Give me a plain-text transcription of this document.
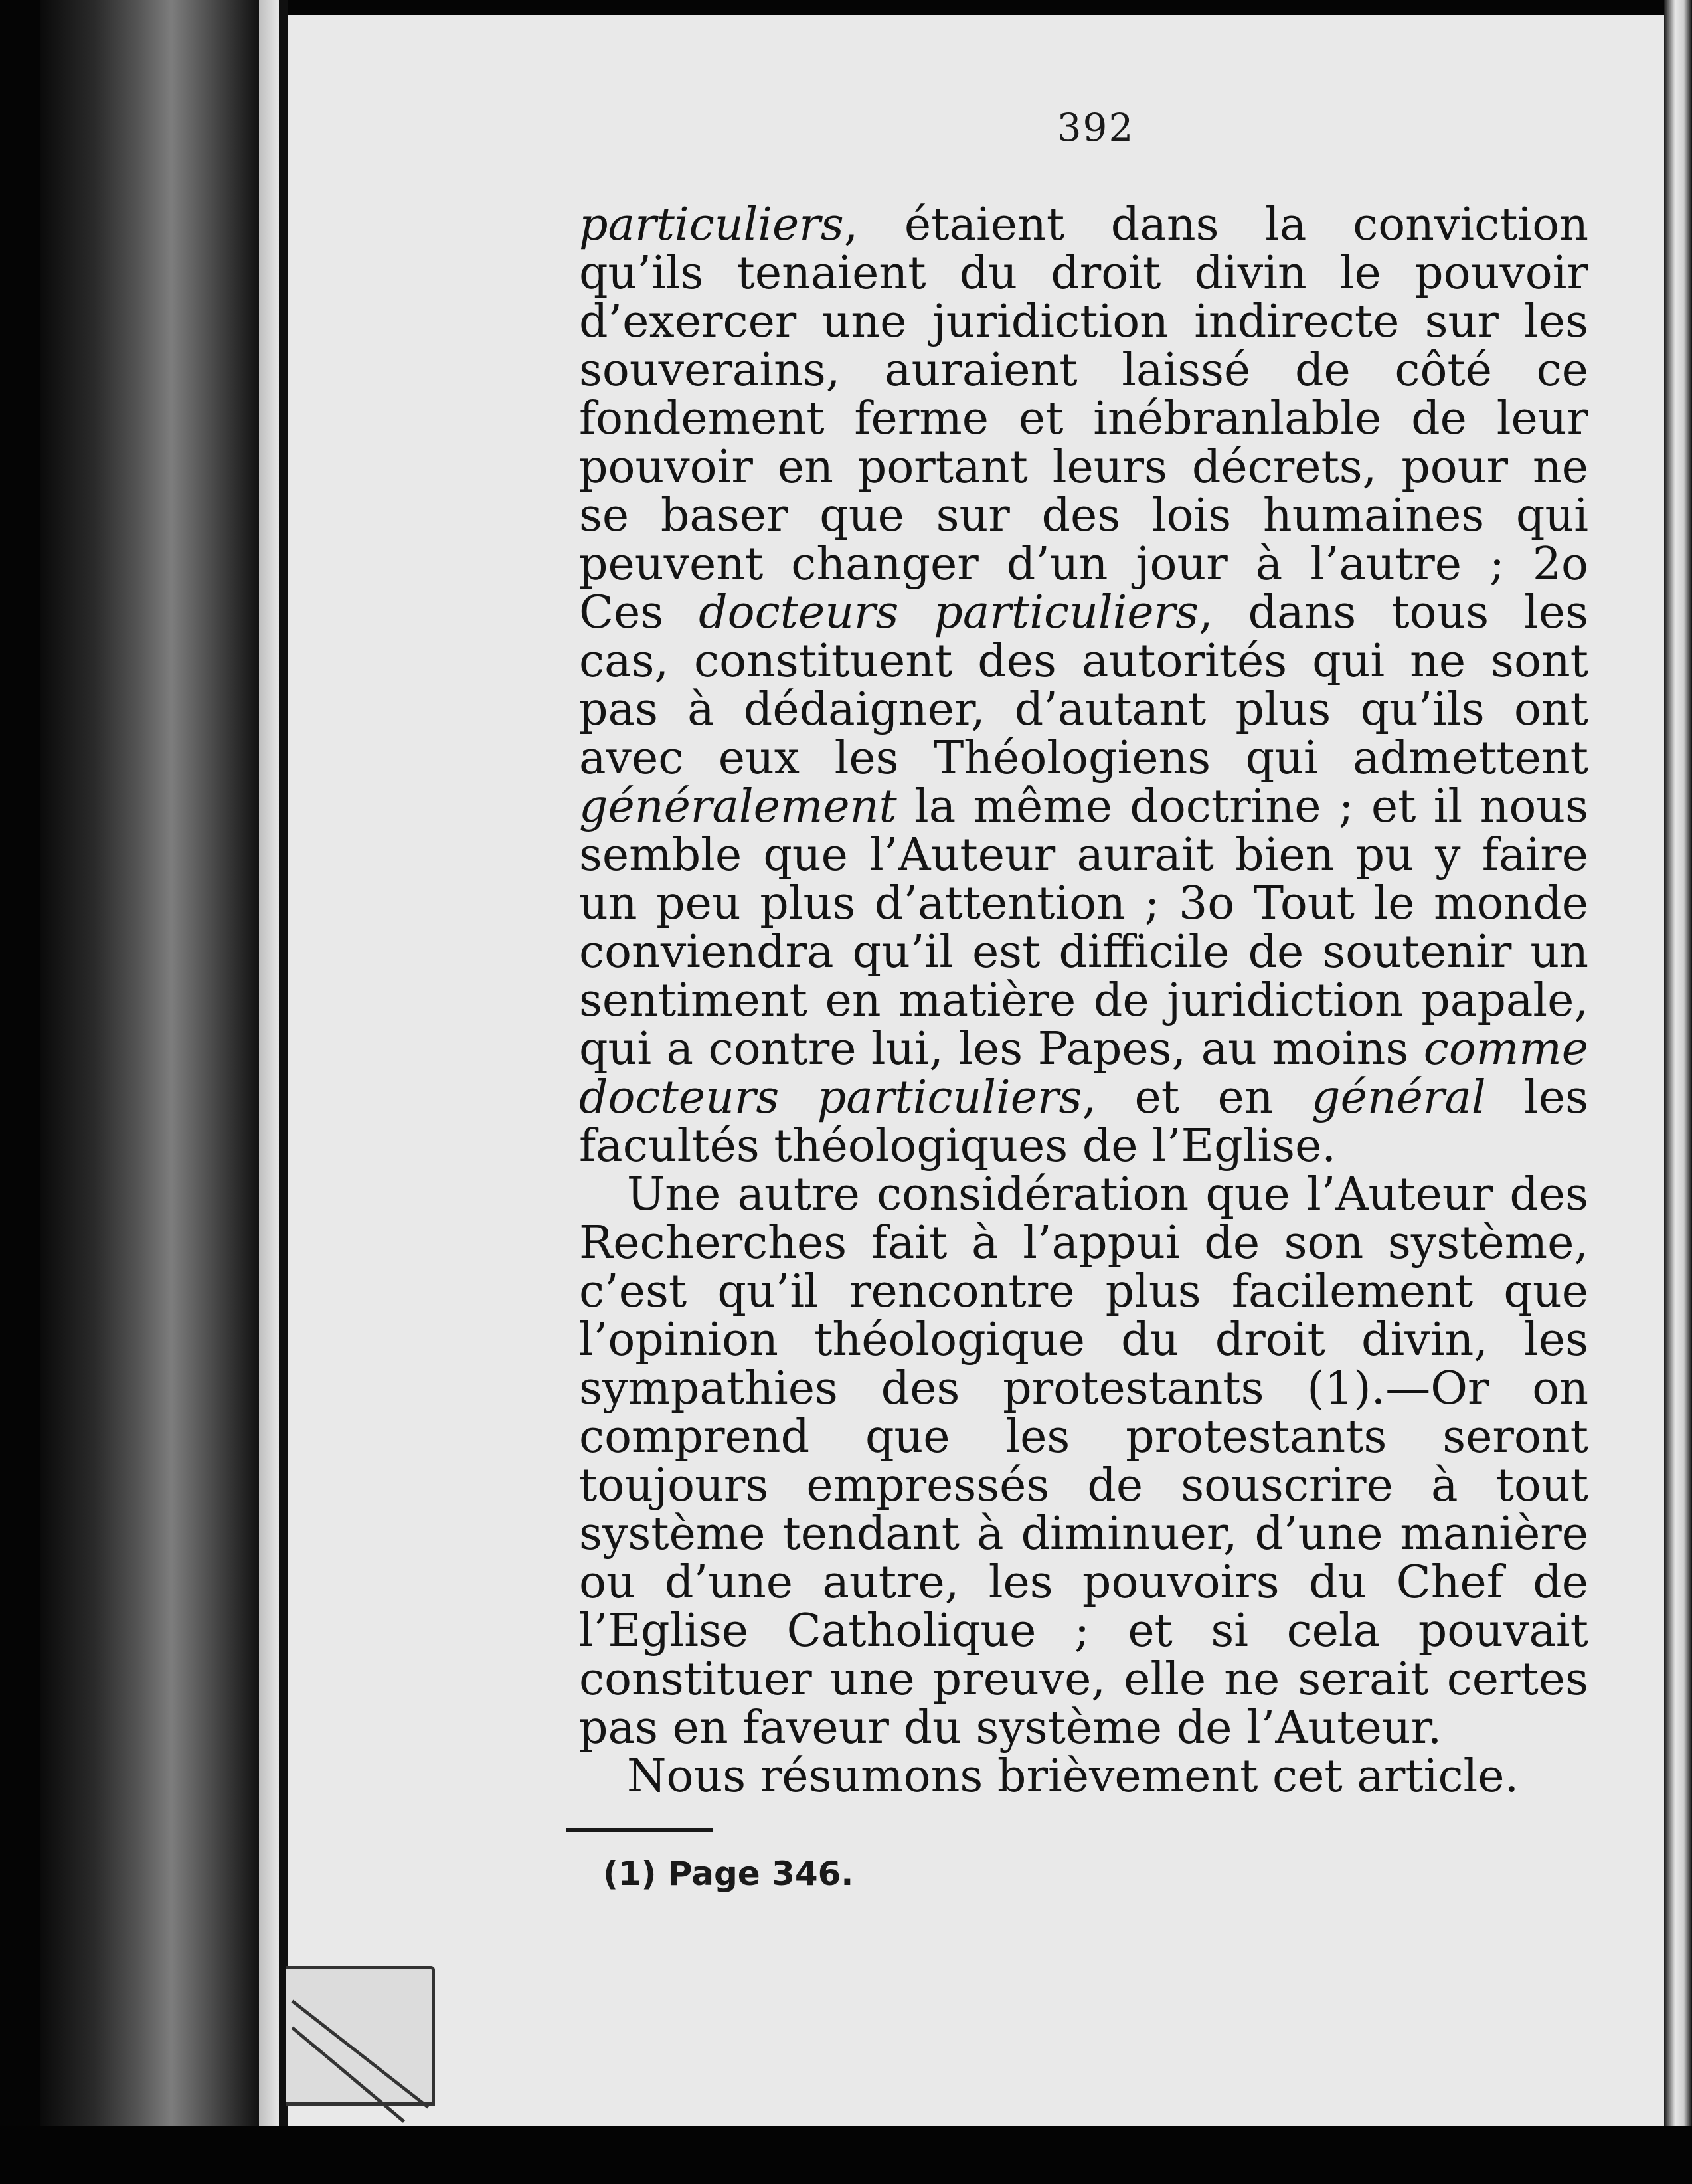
392

particuliers, étaient dans la conviction qu’ils tenaient du droit divin le pouvoir d’exercer une juridiction indirecte sur les souverains, auraient laissé de côté ce fondement ferme et inébranlable de leur pouvoir en portant leurs décrets, pour ne se baser que sur des lois humaines qui peuvent changer d’un jour à l’autre ; 2o Ces docteurs particuliers, dans tous les cas, constituent des autorités qui ne sont pas à dédaigner, d’autant plus qu’ils ont avec eux les Théologiens qui admettent généralement la même doctrine ; et il nous semble que l’Auteur aurait bien pu y faire un peu plus d’attention ; 3o Tout le monde conviendra qu’il est difficile de soutenir un sentiment en matière de juridiction papale, qui a contre lui, les Papes, au moins comme docteurs particuliers, et en général les facultés théologiques de l’Eglise.

Une autre considération que l’Auteur des Recherches fait à l’appui de son système, c’est qu’il rencontre plus facilement que l’opinion théologique du droit divin, les sympathies des protestants (1).—Or on comprend que les protestants seront toujours empressés de souscrire à tout système tendant à diminuer, d’une manière ou d’une autre, les pouvoirs du Chef de l’Eglise Catholique ; et si cela pouvait constituer une preuve, elle ne serait certes pas en faveur du système de l’Auteur.

Nous résumons brièvement cet article.

(1) Page 346.
